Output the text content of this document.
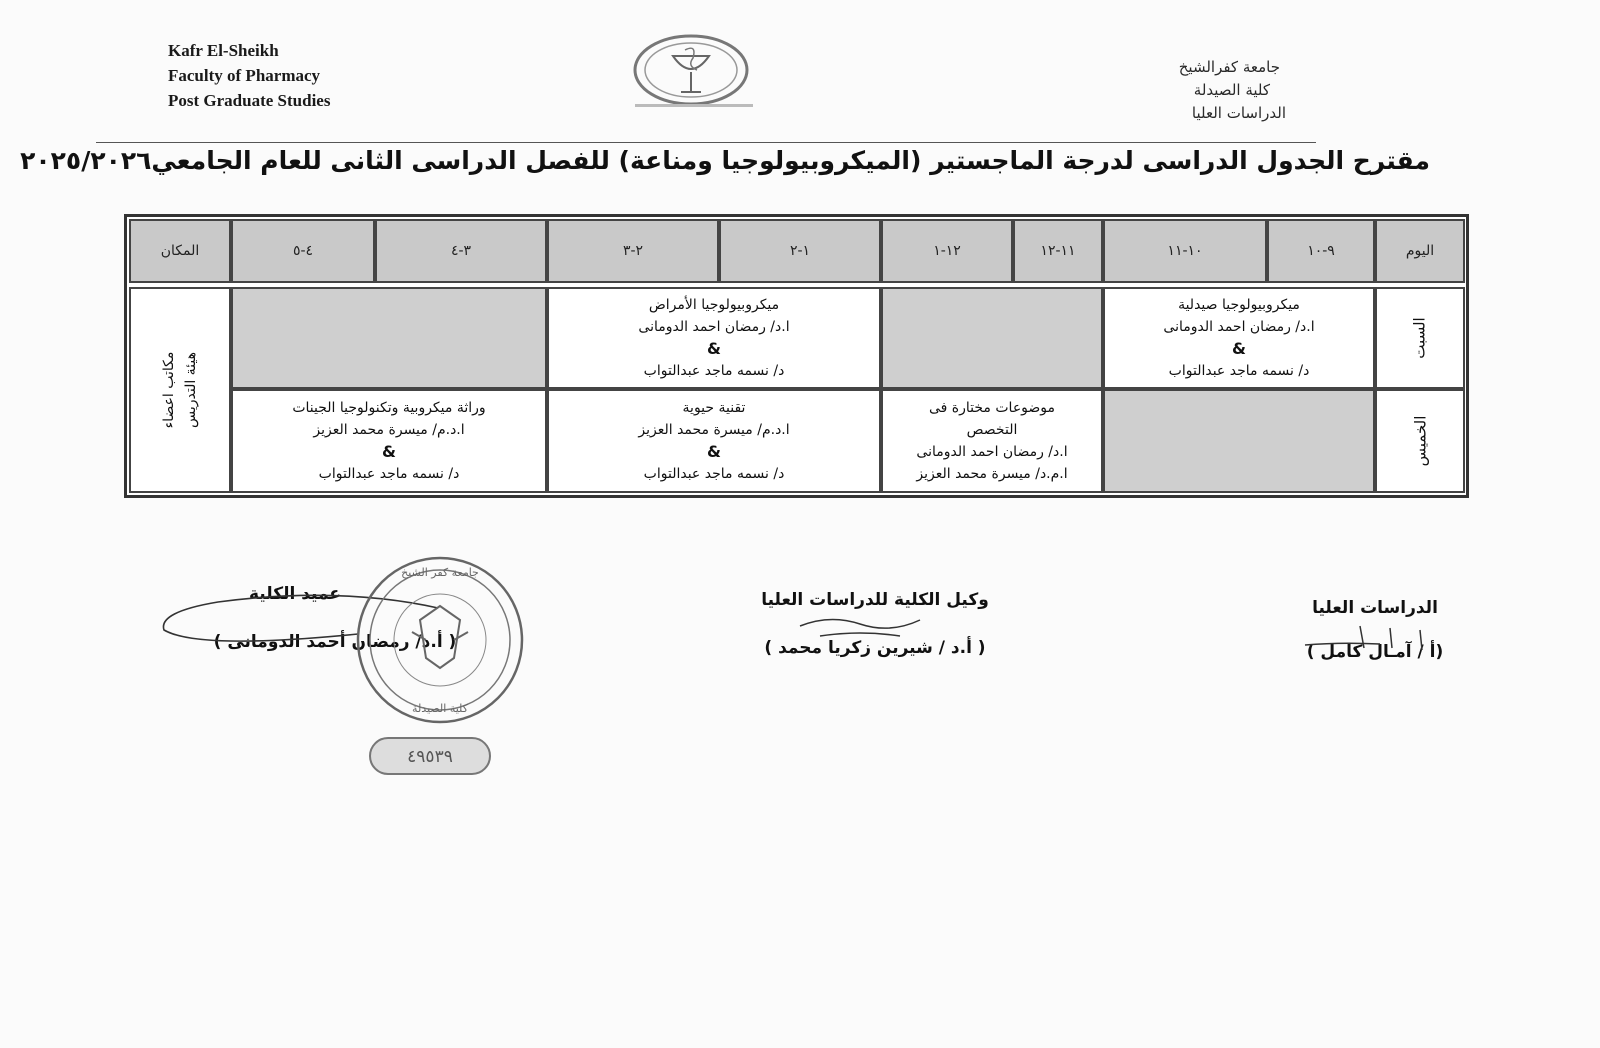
Kafr El-Sheikh
Faculty of Pharmacy
Post Graduate Studies
جامعة كفرالشيخ
كلية الصيدلة
الدراسات العليا
مقترح الجدول الدراسى لدرجة الماجستير (الميكروبيولوجيا ومناعة) للفصل الدراسى الثانى للعام الجامعي٢٠٢٥/٢٠٢٦
اليوم
٩-١٠
١٠-١١
١١-١٢
١٢-١
١-٢
٢-٣
٣-٤
٤-٥
المكان
السبت
ميكروبيولوجيا صيدلية
ا.د/ رمضان احمد الدومانى
&
د/ نسمه ماجد عبدالتواب
ميكروبيولوجيا الأمراض
ا.د/ رمضان احمد الدومانى
&
د/ نسمه ماجد عبدالتواب
الخميس
موضوعات مختارة فى
التخصص
ا.د/ رمضان احمد الدومانى
ا.م.د/ ميسرة محمد العزيز
تقنية حيوية
ا.د.م/ ميسرة محمد العزيز
&
د/ نسمه ماجد عبدالتواب
وراثة ميكروبية وتكنولوجيا الجينات
ا.د.م/ ميسرة محمد العزيز
&
د/ نسمه ماجد عبدالتواب
مكاتب اعضاء هيئة التدريس
الدراسات العليا
(أ / آمـال كامل )
وكيل الكلية للدراسات العليا
( أ.د / شيرين زكريا محمد )
عميد الكلية
( أ.د/ رمضان أحمد الدومانى )
جامعة كفر الشيخ
كلية الصيدلة
٤٩٥٣٩
